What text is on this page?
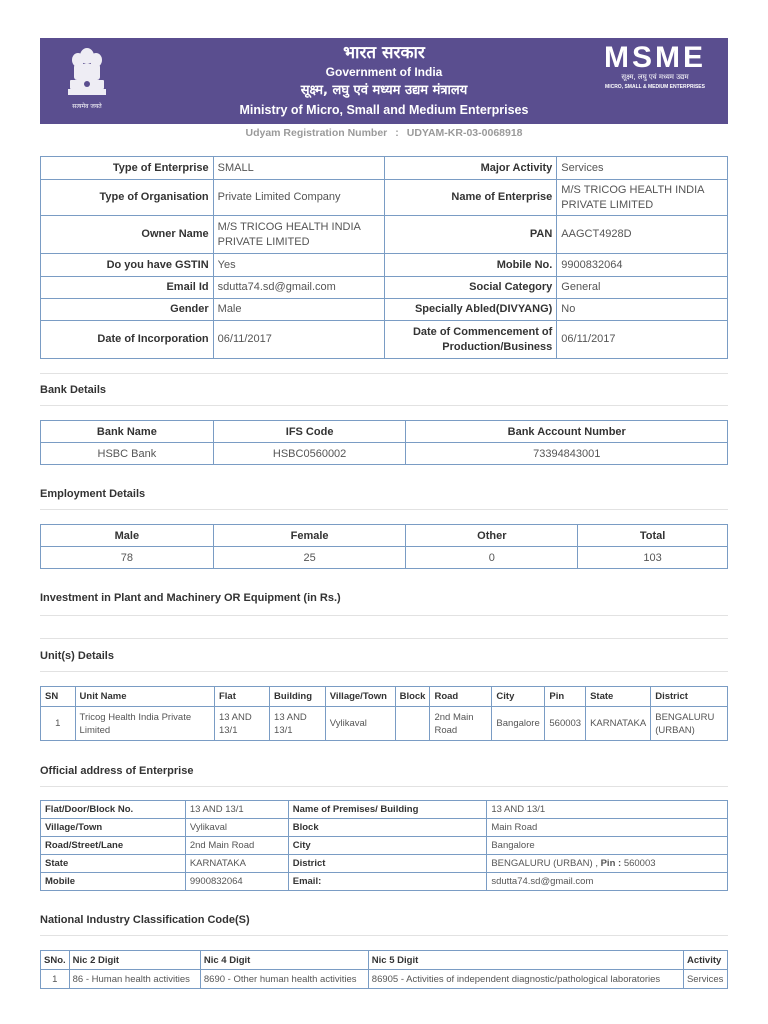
सत्यमेव जयते
भारत सरकार
Government of India
सूक्ष्म, लघु एवं मध्यम उद्यम मंत्रालय
Ministry of Micro, Small and Medium Enterprises
MSME
सूक्ष्म, लघु एवं मध्यम उद्यम
MICRO, SMALL & MEDIUM ENTERPRISES
Udyam Registration Number : UDYAM-KR-03-0068918
Type of Enterprise	SMALL	Major Activity	Services
Type of Organisation	Private Limited Company	Name of Enterprise	M/S TRICOG HEALTH INDIA PRIVATE LIMITED
Owner Name	M/S TRICOG HEALTH INDIA PRIVATE LIMITED	PAN	AAGCT4928D
Do you have GSTIN	Yes	Mobile No.	9900832064
Email Id	sdutta74.sd@gmail.com	Social Category	General
Gender	Male	Specially Abled(DIVYANG)	No
Date of Incorporation	06/11/2017	Date of Commencement of Production/Business	06/11/2017
Bank Details
Bank Name	IFS Code	Bank Account Number
HSBC Bank	HSBC0560002	73394843001
Employment Details
Male	Female	Other	Total
78	25	0	103
Investment in Plant and Machinery OR Equipment (in Rs.)
Unit(s) Details
SN	Unit Name	Flat	Building	Village/Town	Block	Road	City	Pin	State	District
1	Tricog Health India Private Limited	13 AND 13/1	13 AND 13/1	Vylikaval		2nd Main Road	Bangalore	560003	KARNATAKA	BENGALURU (URBAN)
Official address of Enterprise
Flat/Door/Block No.	13 AND 13/1	Name of Premises/ Building	13 AND 13/1
Village/Town	Vylikaval	Block	Main Road
Road/Street/Lane	2nd Main Road	City	Bangalore
State	KARNATAKA	District	BENGALURU (URBAN) , Pin : 560003
Mobile	9900832064	Email:	sdutta74.sd@gmail.com
National Industry Classification Code(S)
SNo.	Nic 2 Digit	Nic 4 Digit	Nic 5 Digit	Activity
1	86 - Human health activities	8690 - Other human health activities	86905 - Activities of independent diagnostic/pathological laboratories	Services
